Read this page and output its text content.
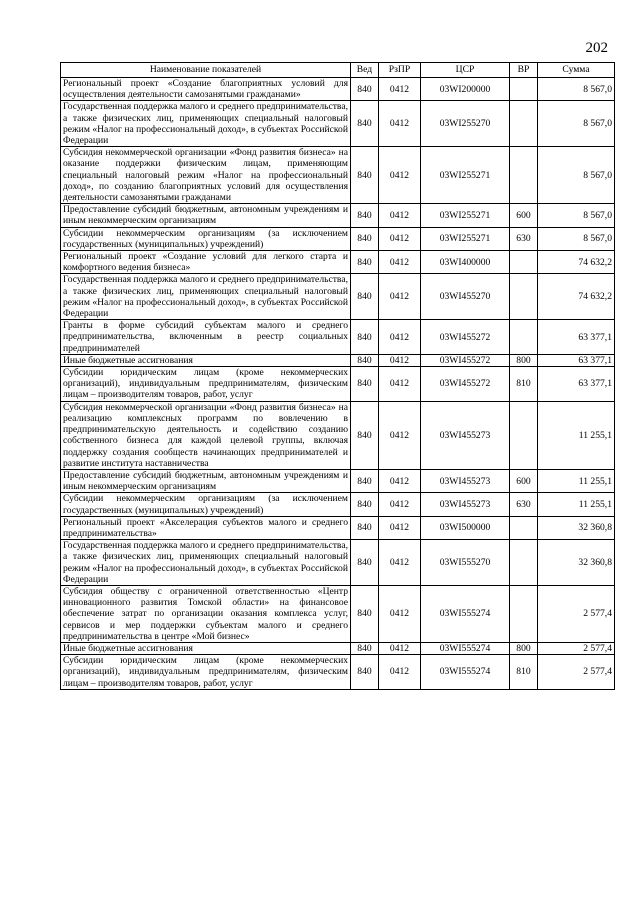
202
Наименование показателей	Вед	РзПР	ЦСР	ВР	Сумма
Региональный проект «Создание благоприятных условий для осуществления деятельности самозанятыми гражданами»	840	0412	03WI200000		8 567,0
Государственная поддержка малого и среднего предпринимательства, а также физических лиц, применяющих специальный налоговый режим «Налог на профессиональный доход», в субъектах Российской Федерации	840	0412	03WI255270		8 567,0
Субсидия некоммерческой организации «Фонд развития бизнеса» на оказание поддержки физическим лицам, применяющим специальный налоговый режим «Налог на профессиональный доход», по созданию благоприятных условий для осуществления деятельности самозанятыми гражданами	840	0412	03WI255271		8 567,0
Предоставление субсидий бюджетным, автономным учреждениям и иным некоммерческим организациям	840	0412	03WI255271	600	8 567,0
Субсидии некоммерческим организациям (за исключением государственных (муниципальных) учреждений)	840	0412	03WI255271	630	8 567,0
Региональный проект «Создание условий для легкого старта и комфортного ведения бизнеса»	840	0412	03WI400000		74 632,2
Государственная поддержка малого и среднего предпринимательства, а также физических лиц, применяющих специальный налоговый режим «Налог на профессиональный доход», в субъектах Российской Федерации	840	0412	03WI455270		74 632,2
Гранты в форме субсидий субъектам малого и среднего предпринимательства, включенным в реестр социальных предпринимателей	840	0412	03WI455272		63 377,1
Иные бюджетные ассигнования	840	0412	03WI455272	800	63 377,1
Субсидии юридическим лицам (кроме некоммерческих организаций), индивидуальным предпринимателям, физическим лицам – производителям товаров, работ, услуг	840	0412	03WI455272	810	63 377,1
Субсидия некоммерческой организации «Фонд развития бизнеса» на реализацию комплексных программ по вовлечению в предпринимательскую деятельность и содействию созданию собственного бизнеса для каждой целевой группы, включая поддержку создания сообществ начинающих предпринимателей и развитие института наставничества	840	0412	03WI455273		11 255,1
Предоставление субсидий бюджетным, автономным учреждениям и иным некоммерческим организациям	840	0412	03WI455273	600	11 255,1
Субсидии некоммерческим организациям (за исключением государственных (муниципальных) учреждений)	840	0412	03WI455273	630	11 255,1
Региональный проект «Акселерация субъектов малого и среднего предпринимательства»	840	0412	03WI500000		32 360,8
Государственная поддержка малого и среднего предпринимательства, а также физических лиц, применяющих специальный налоговый режим «Налог на профессиональный доход», в субъектах Российской Федерации	840	0412	03WI555270		32 360,8
Субсидия обществу с ограниченной ответственностью «Центр инновационного развития Томской области» на финансовое обеспечение затрат по организации оказания комплекса услуг, сервисов и мер поддержки субъектам малого и среднего предпринимательства в центре «Мой бизнес»	840	0412	03WI555274		2 577,4
Иные бюджетные ассигнования	840	0412	03WI555274	800	2 577,4
Субсидии юридическим лицам (кроме некоммерческих организаций), индивидуальным предпринимателям, физическим лицам – производителям товаров, работ, услуг	840	0412	03WI555274	810	2 577,4
